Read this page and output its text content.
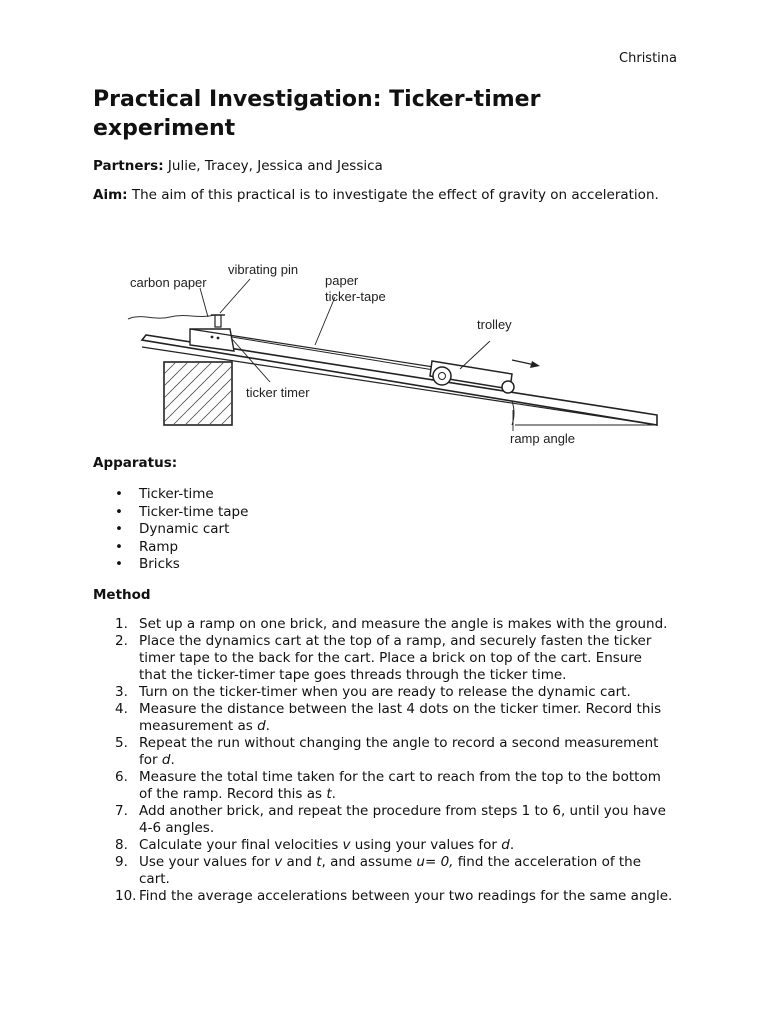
Christina
Practical Investigation: Ticker-timer experiment

Partners: Julie, Tracey, Jessica and Jessica

Aim: The aim of this practical is to investigate the effect of gravity on acceleration.

carbon paper
vibrating pin
paper
ticker-tape
trolley
ticker timer
ramp angle
Apparatus:
• Ticker-time
• Ticker-time tape
• Dynamic cart
• Ramp
• Bricks
Method
1. Set up a ramp on one brick, and measure the angle is makes with the ground.
2. Place the dynamics cart at the top of a ramp, and securely fasten the ticker timer tape to the back for the cart. Place a brick on top of the cart. Ensure that the ticker-timer tape goes threads through the ticker time.
3. Turn on the ticker-timer when you are ready to release the dynamic cart.
4. Measure the distance between the last 4 dots on the ticker timer. Record this measurement as d.
5. Repeat the run without changing the angle to record a second measurement for d.
6. Measure the total time taken for the cart to reach from the top to the bottom of the ramp. Record this as t.
7. Add another brick, and repeat the procedure from steps 1 to 6, until you have 4-6 angles.
8. Calculate your final velocities v using your values for d.
9. Use your values for v and t, and assume u= 0, find the acceleration of the cart.
10. Find the average accelerations between your two readings for the same angle.
